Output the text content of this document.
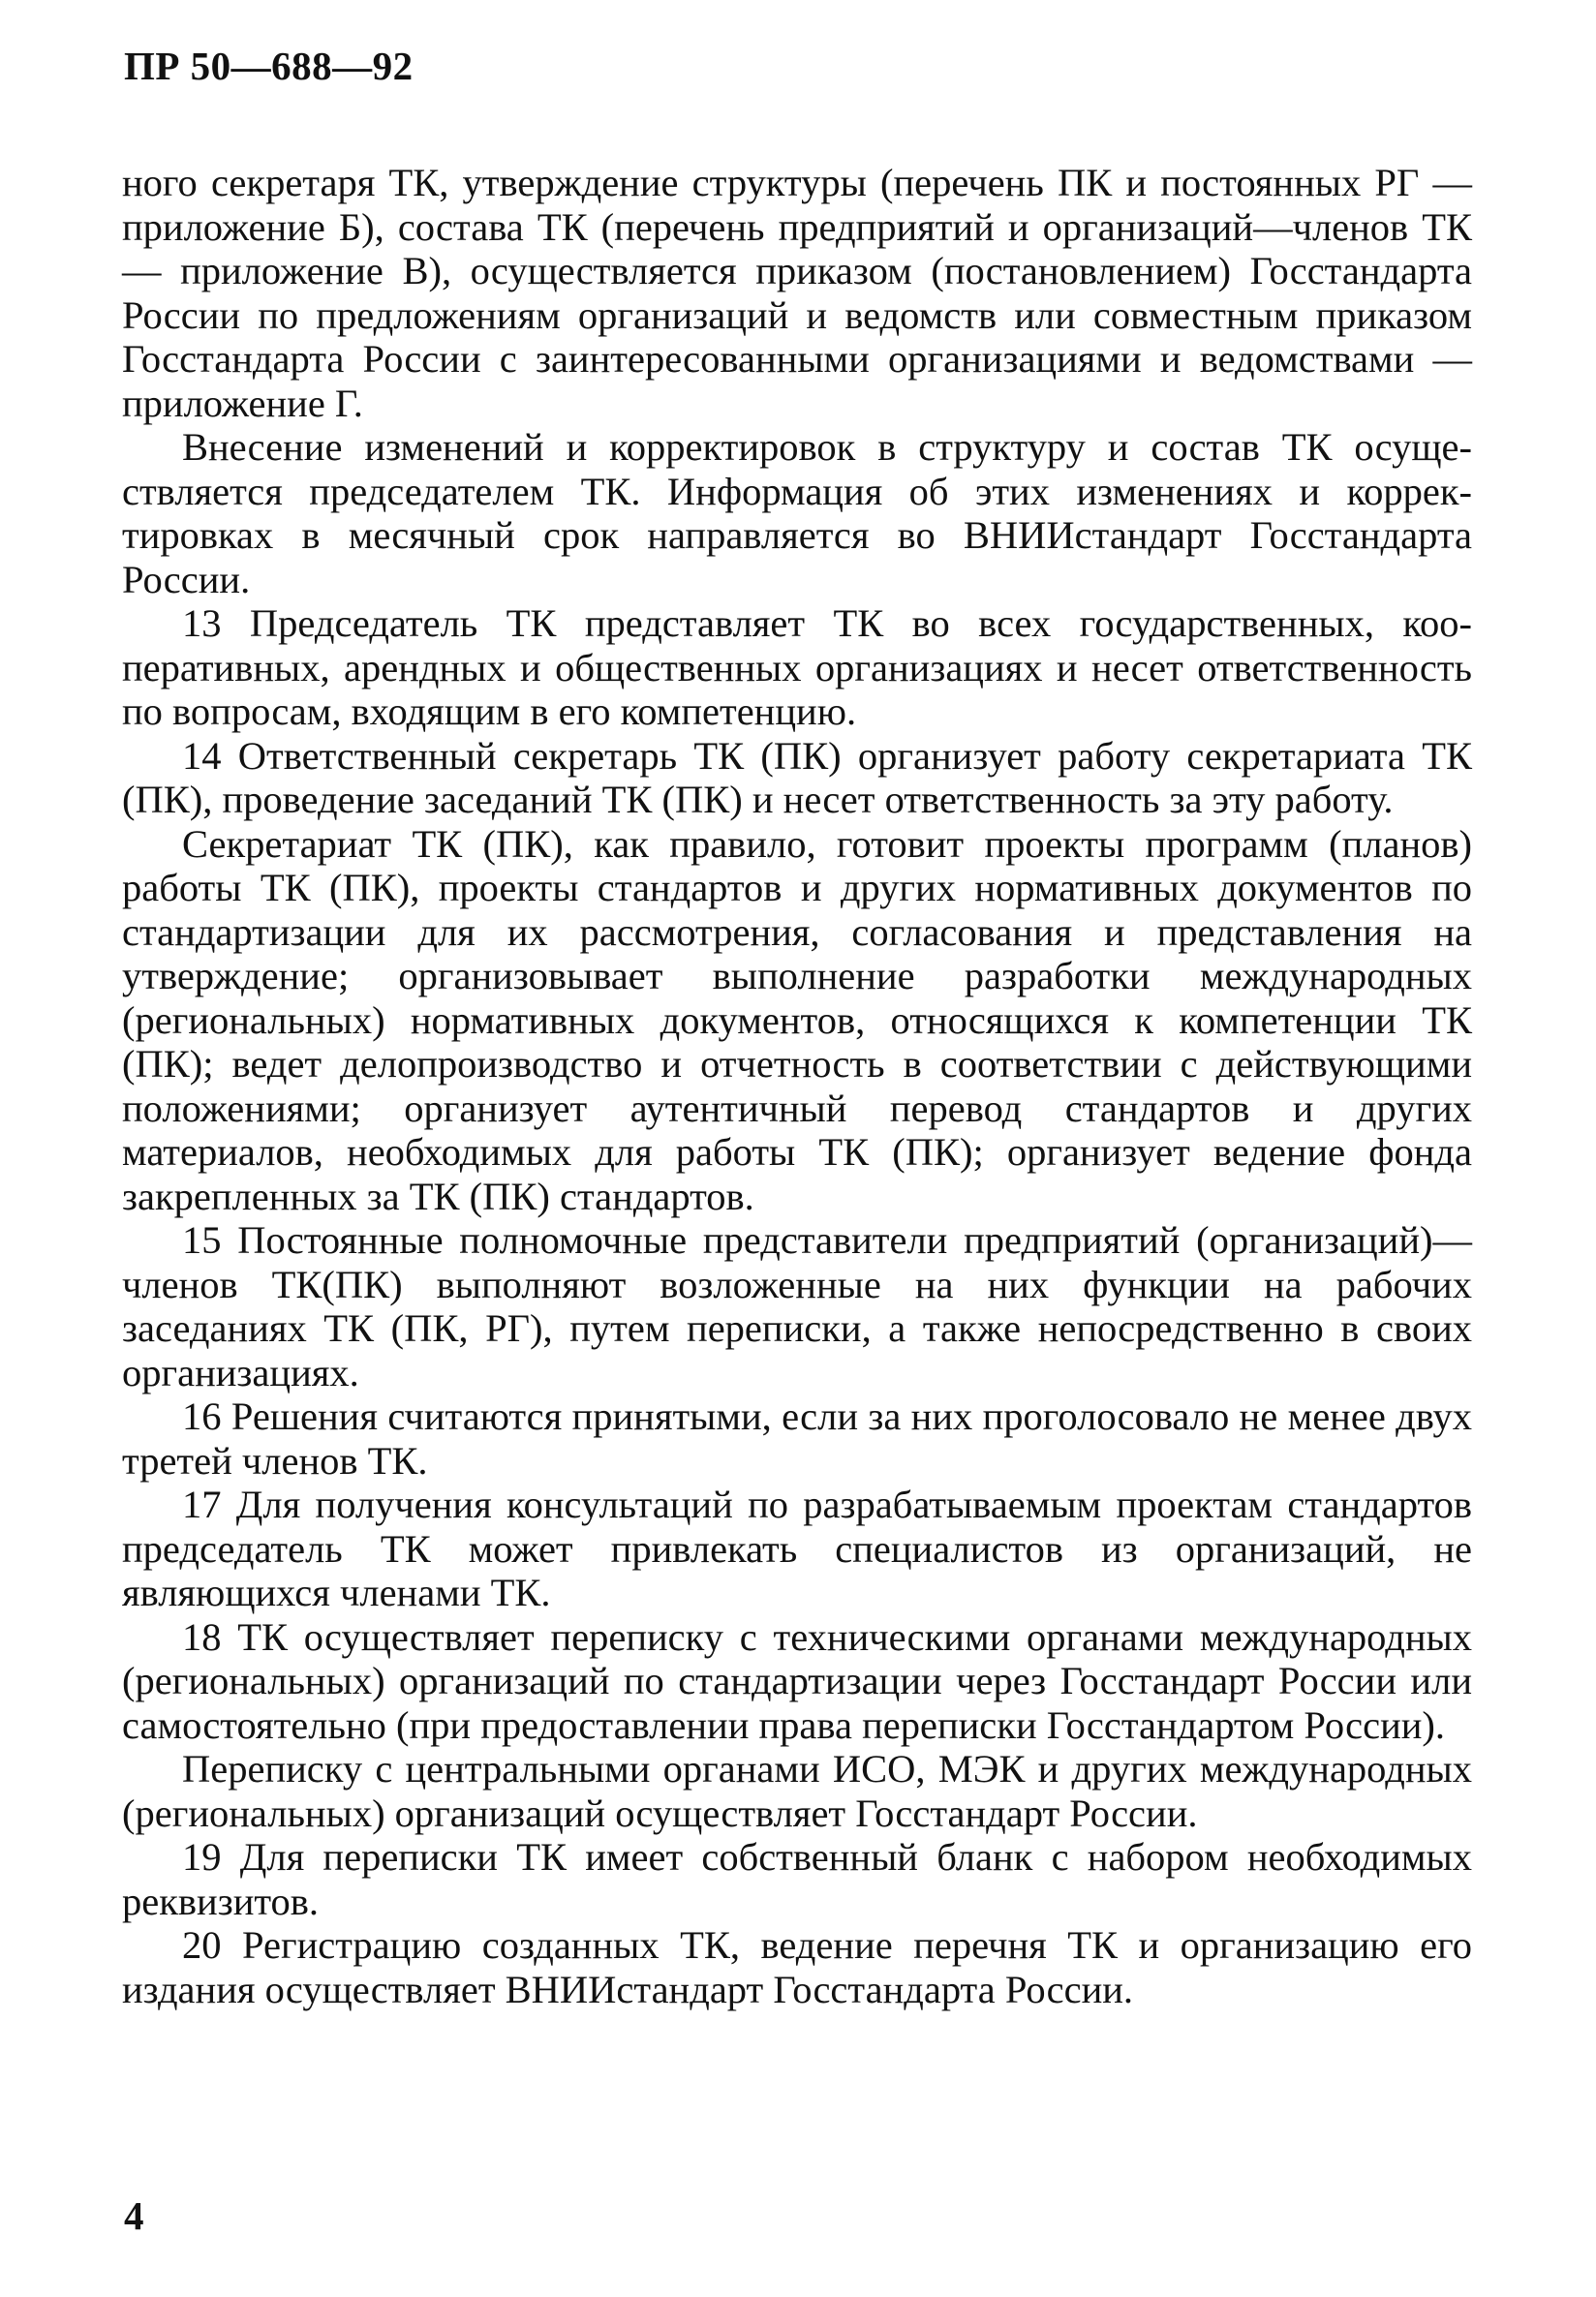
ПР 50—688—92

ного секретаря ТК, утверждение структуры (перечень ПК и постоянных РГ — приложение Б), состава ТК (перечень предприятий и организаций—членов ТК — приложение В), осуществляется приказом (постановлением) Госстандарта России по предложениям организаций и ведомств или совместным приказом Госстандарта России с заинтересованными организациями и ведомствами — приложение Г.

Внесение изменений и корректировок в структуру и состав ТК осуществляется председателем ТК. Информация об этих изменениях и корректировках в месячный срок направляется во ВНИИстандарт Госстандарта России.

13 Председатель ТК представляет ТК во всех государственных, кооперативных, арендных и общественных организациях и несет ответственность по вопросам, входящим в его компетенцию.

14 Ответственный секретарь ТК (ПК) организует работу секретариата ТК (ПК), проведение заседаний ТК (ПК) и несет ответственность за эту работу.

Секретариат ТК (ПК), как правило, готовит проекты программ (планов) работы ТК (ПК), проекты стандартов и других нормативных документов по стандартизации для их рассмотрения, согласования и представления на утверждение; организовывает выполнение разработки международных (региональных) нормативных документов, относящихся к компетенции ТК (ПК); ведет делопроизводство и отчетность в соответствии с действующими положениями; организует аутентичный перевод стандартов и других материалов, необходимых для работы ТК (ПК); организует ведение фонда закрепленных за ТК (ПК) стандартов.

15 Постоянные полномочные представители предприятий (организаций)—членов ТК(ПК) выполняют возложенные на них функции на рабочих заседаниях ТК (ПК, РГ), путем переписки, а также непосредственно в своих организациях.

16 Решения считаются принятыми, если за них проголосовало не менее двух третей членов ТК.

17 Для получения консультаций по разрабатываемым проектам стандартов председатель ТК может привлекать специалистов из организаций, не являющихся членами ТК.

18 ТК осуществляет переписку с техническими органами международных (региональных) организаций по стандартизации через Госстандарт России или самостоятельно (при предоставлении права переписки Госстандартом России).

Переписку с центральными органами ИСО, МЭК и других международных (региональных) организаций осуществляет Госстандарт России.

19 Для переписки ТК имеет собственный бланк с набором необходимых реквизитов.

20 Регистрацию созданных ТК, ведение перечня ТК и организацию его издания осуществляет ВНИИстандарт Госстандарта России.

4
